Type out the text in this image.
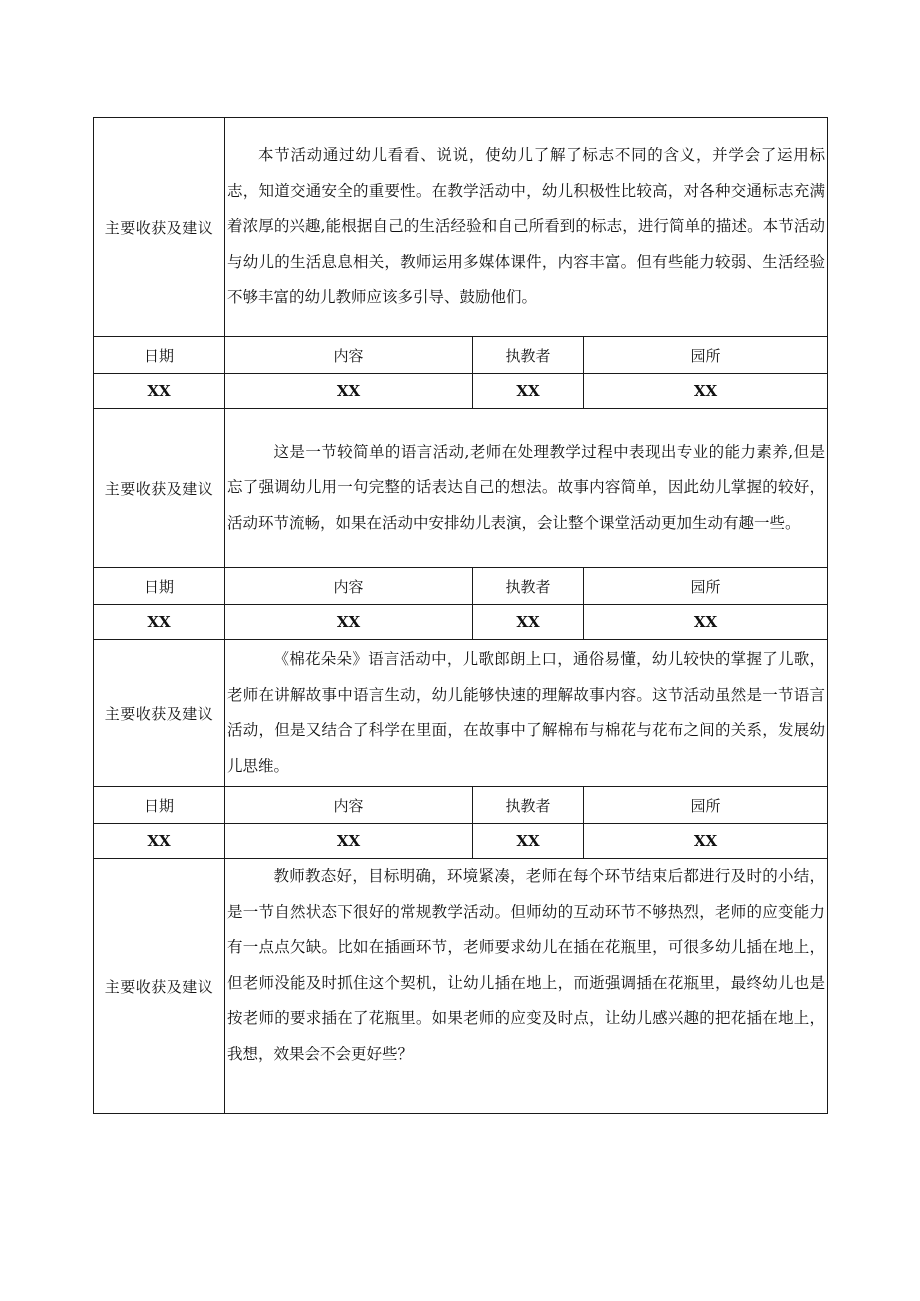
主要收获及建议	本节活动通过幼儿看看、说说，使幼儿了解了标志不同的含义，并学会了运用标志，知道交通安全的重要性。在教学活动中，幼儿积极性比较高，对各种交通标志充满着浓厚的兴趣,能根据自己的生活经验和自己所看到的标志，进行简单的描述。本节活动与幼儿的生活息息相关，教师运用多媒体课件，内容丰富。但有些能力较弱、生活经验不够丰富的幼儿教师应该多引导、鼓励他们。		
日期	内容	执教者	园所
XX	XX	XX	XX
主要收获及建议	这是一节较简单的语言活动,老师在处理教学过程中表现出专业的能力素养,但是忘了强调幼儿用一句完整的话表达自己的想法。故事内容简单，因此幼儿掌握的较好，活动环节流畅，如果在活动中安排幼儿表演，会让整个课堂活动更加生动有趣一些。		
日期	内容	执教者	园所
XX	XX	XX	XX
主要收获及建议	《棉花朵朵》语言活动中，儿歌郎朗上口，通俗易懂，幼儿较快的掌握了儿歌，老师在讲解故事中语言生动，幼儿能够快速的理解故事内容。这节活动虽然是一节语言活动，但是又结合了科学在里面，在故事中了解棉布与棉花与花布之间的关系，发展幼儿思维。		
日期	内容	执教者	园所
XX	XX	XX	XX
主要收获及建议	教师教态好，目标明确，环境紧凑，老师在每个环节结束后都进行及时的小结，是一节自然状态下很好的常规教学活动。但师幼的互动环节不够热烈，老师的应变能力有一点点欠缺。比如在插画环节，老师要求幼儿在插在花瓶里，可很多幼儿插在地上，但老师没能及时抓住这个契机，让幼儿插在地上，而逝强调插在花瓶里，最终幼儿也是按老师的要求插在了花瓶里。如果老师的应变及时点，让幼儿感兴趣的把花插在地上，我想，效果会不会更好些？		
